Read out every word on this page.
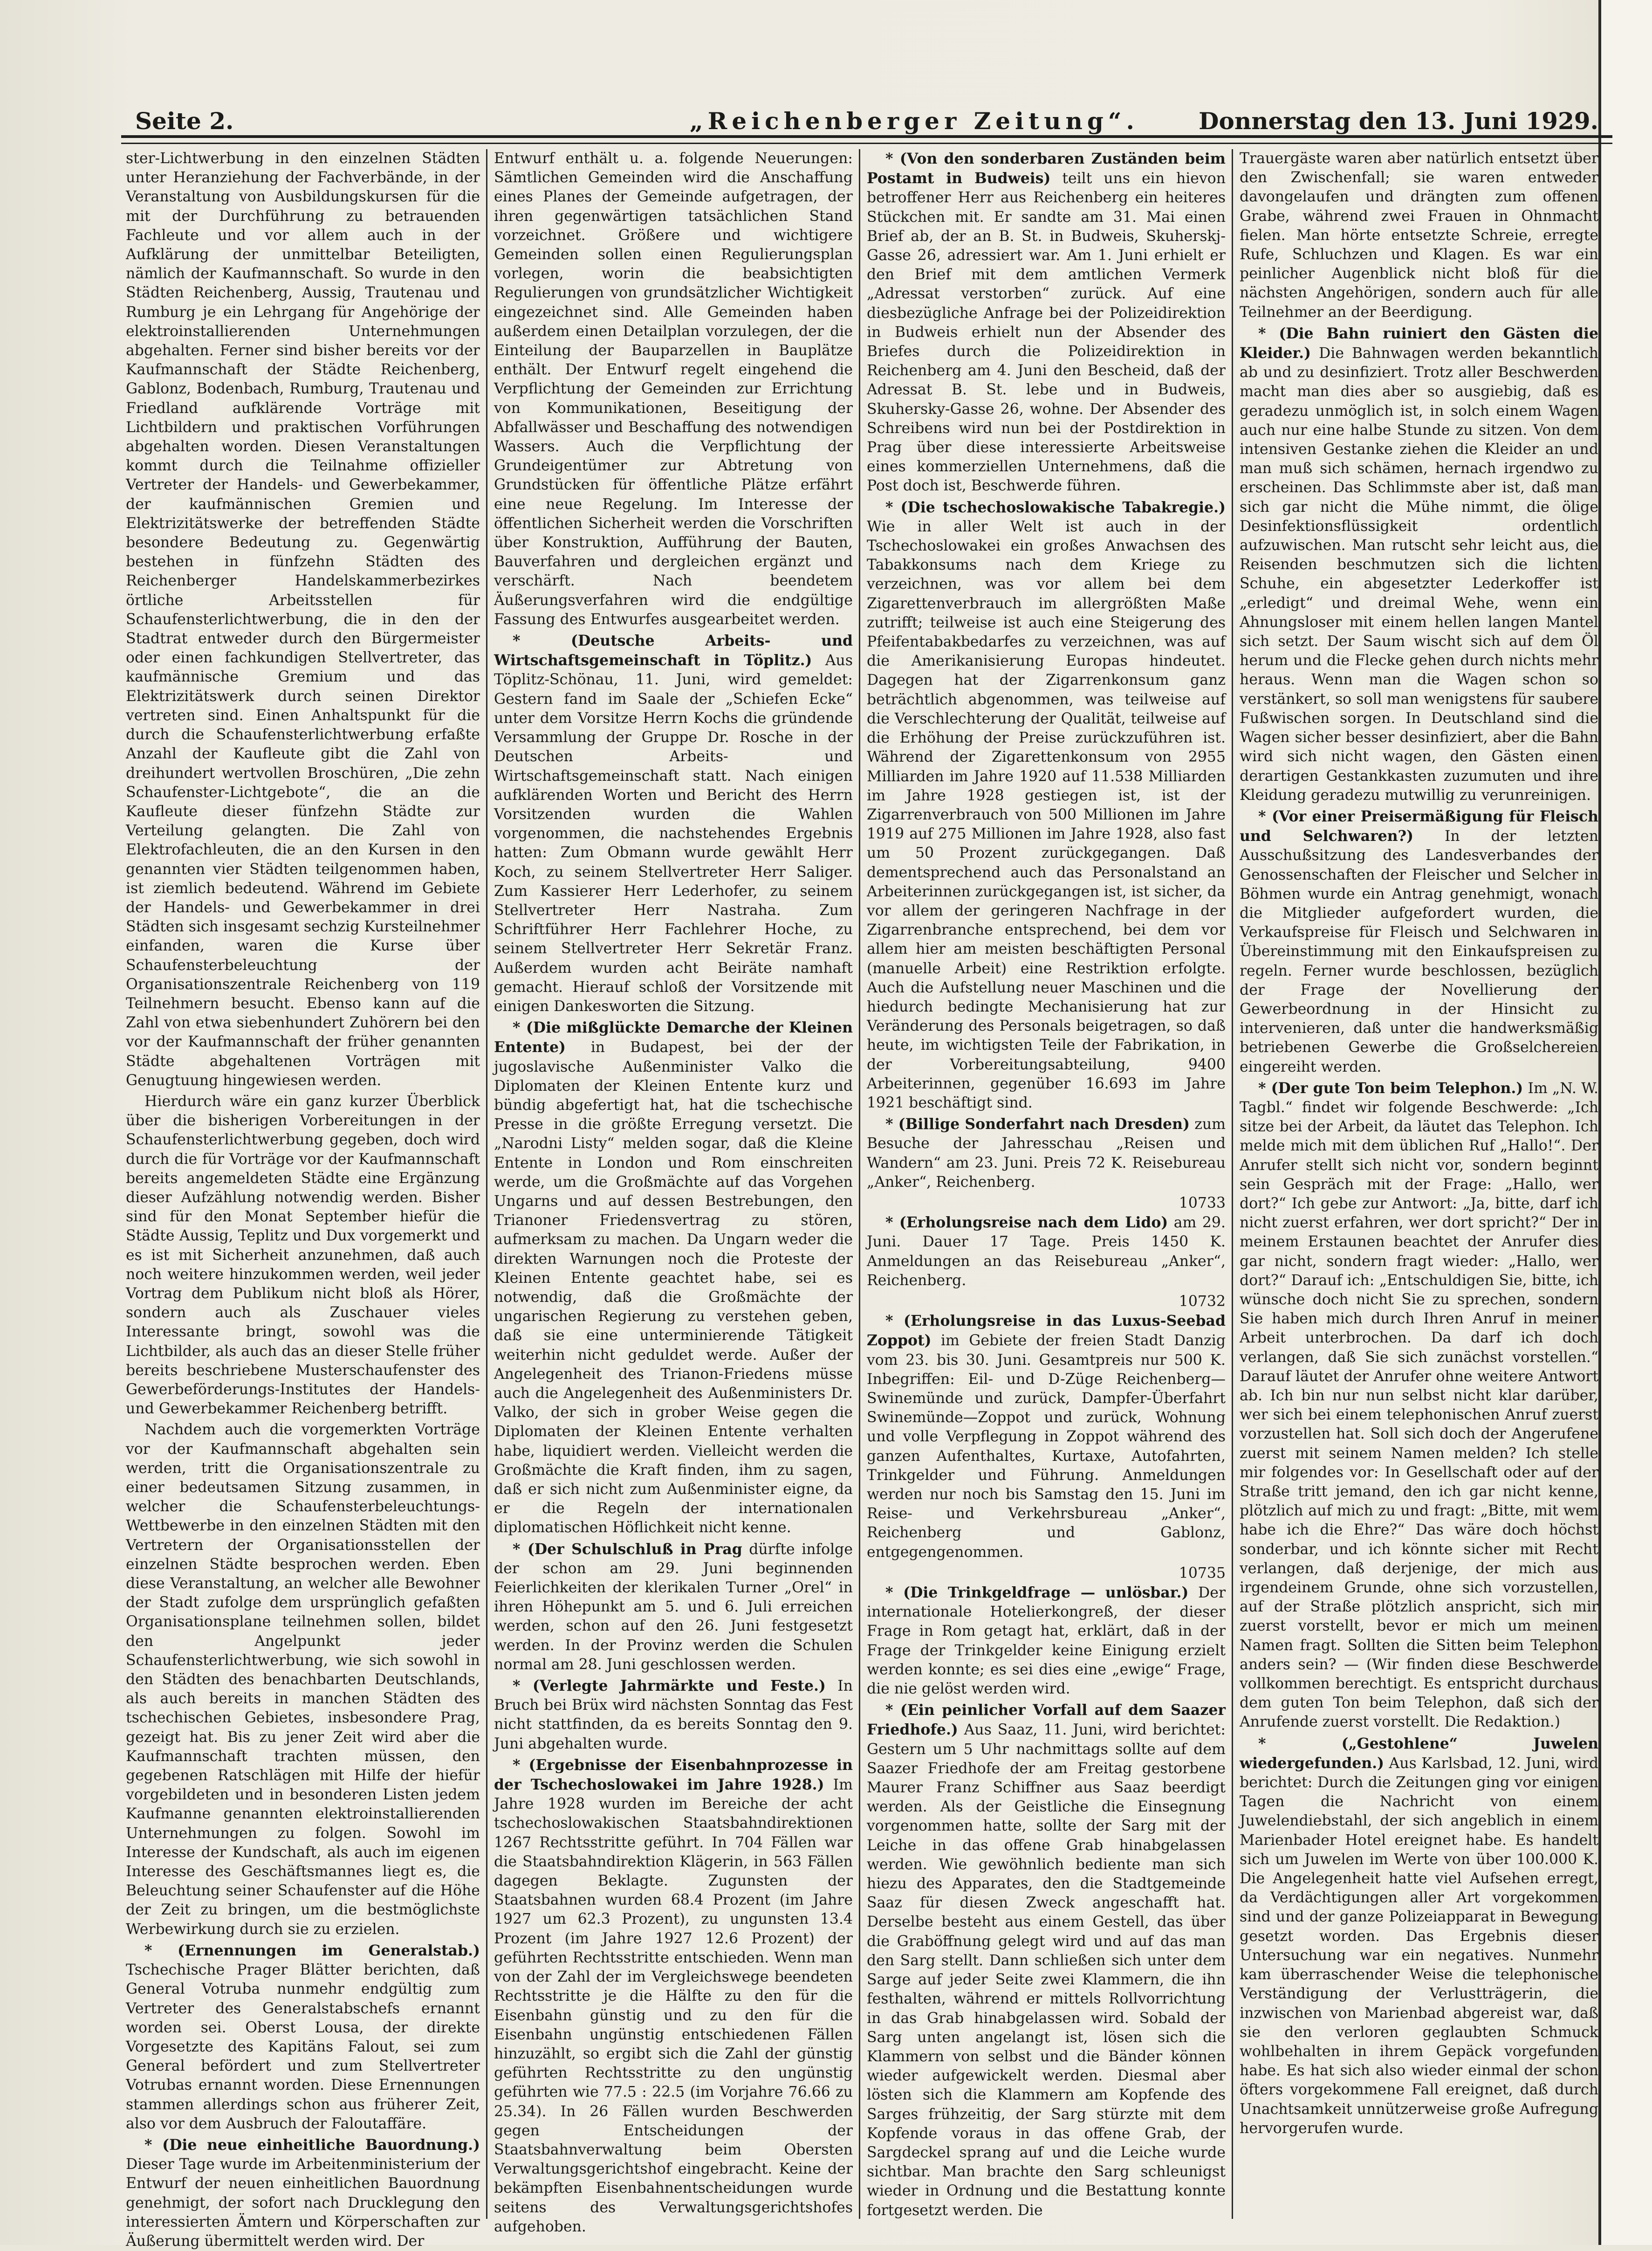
Seite 2.	„Reichenberger Zeitung“.	Donnerstag den 13. Juni 1929.

ster-Lichtwerbung in den einzelnen Städten unter Heranziehung der Fachverbände, in der Veranstaltung von Ausbildungskursen für die mit der Durchführung zu betrauenden Fachleute und vor allem auch in der Aufklärung der unmittelbar Beteiligten, nämlich der Kaufmannschaft. So wurde in den Städten Reichenberg, Aussig, Trautenau und Rumburg je ein Lehrgang für Angehörige der elektroinstallierenden Unternehmungen abgehalten. Ferner sind bisher bereits vor der Kaufmannschaft der Städte Reichenberg, Gablonz, Bodenbach, Rumburg, Trautenau und Friedland aufklärende Vorträge mit Lichtbildern und praktischen Vorführungen abgehalten worden. Diesen Veranstaltungen kommt durch die Teilnahme offizieller Vertreter der Handels- und Gewerbekammer, der kaufmännischen Gremien und Elektrizitätswerke der betreffenden Städte besondere Bedeutung zu. Gegenwärtig bestehen in fünfzehn Städten des Reichenberger Handelskammerbezirkes örtliche Arbeitsstellen für Schaufensterlichtwerbung, die in den der Stadtrat entweder durch den Bürgermeister oder einen fachkundigen Stellvertreter, das kaufmännische Gremium und das Elektrizitätswerk durch seinen Direktor vertreten sind. Einen Anhaltspunkt für die durch die Schaufensterlichtwerbung erfaßte Anzahl der Kaufleute gibt die Zahl von dreihundert wertvollen Broschüren, „Die zehn Schaufenster-Lichtgebote“, die an die Kaufleute dieser fünfzehn Städte zur Verteilung gelangten. Die Zahl von Elektrofachleuten, die an den Kursen in den genannten vier Städten teilgenommen haben, ist ziemlich bedeutend. Während im Gebiete der Handels- und Gewerbekammer in drei Städten sich insgesamt sechzig Kursteilnehmer einfanden, waren die Kurse über Schaufensterbeleuchtung der Organisationszentrale Reichenberg von 119 Teilnehmern besucht. Ebenso kann auf die Zahl von etwa siebenhundert Zuhörern bei den vor der Kaufmannschaft der früher genannten Städte abgehaltenen Vorträgen mit Genugtuung hingewiesen werden.

Hierdurch wäre ein ganz kurzer Überblick über die bisherigen Vorbereitungen in der Schaufensterlichtwerbung gegeben, doch wird durch die für Vorträge vor der Kaufmannschaft bereits angemeldeten Städte eine Ergänzung dieser Aufzählung notwendig werden. Bisher sind für den Monat September hiefür die Städte Aussig, Teplitz und Dux vorgemerkt und es ist mit Sicherheit anzunehmen, daß auch noch weitere hinzukommen werden, weil jeder Vortrag dem Publikum nicht bloß als Hörer, sondern auch als Zuschauer vieles Interessante bringt, sowohl was die Lichtbilder, als auch das an dieser Stelle früher bereits beschriebene Musterschaufenster des Gewerbeförderungs-Institutes der Handels- und Gewerbekammer Reichenberg betrifft.

Nachdem auch die vorgemerkten Vorträge vor der Kaufmannschaft abgehalten sein werden, tritt die Organisationszentrale zu einer bedeutsamen Sitzung zusammen, in welcher die Schaufensterbeleuchtungs-Wettbewerbe in den einzelnen Städten mit den Vertretern der Organisationsstellen der einzelnen Städte besprochen werden. Eben diese Veranstaltung, an welcher alle Bewohner der Stadt zufolge dem ursprünglich gefaßten Organisationsplane teilnehmen sollen, bildet den Angelpunkt jeder Schaufensterlichtwerbung, wie sich sowohl in den Städten des benachbarten Deutschlands, als auch bereits in manchen Städten des tschechischen Gebietes, insbesondere Prag, gezeigt hat. Bis zu jener Zeit wird aber die Kaufmannschaft trachten müssen, den gegebenen Ratschlägen mit Hilfe der hiefür vorgebildeten und in besonderen Listen jedem Kaufmanne genannten elektroinstallierenden Unternehmungen zu folgen. Sowohl im Interesse der Kundschaft, als auch im eigenen Interesse des Geschäftsmannes liegt es, die Beleuchtung seiner Schaufenster auf die Höhe der Zeit zu bringen, um die bestmöglichste Werbewirkung durch sie zu erzielen.

* (Ernennungen im Generalstab.) Tschechische Prager Blätter berichten, daß General Votruba nunmehr endgültig zum Vertreter des Generalstabschefs ernannt worden sei. Oberst Lousa, der direkte Vorgesetzte des Kapitäns Falout, sei zum General befördert und zum Stellvertreter Votrubas ernannt worden. Diese Ernennungen stammen allerdings schon aus früherer Zeit, also vor dem Ausbruch der Faloutaffäre.

* (Die neue einheitliche Bauordnung.) Dieser Tage wurde im Arbeitenministerium der Entwurf der neuen einheitlichen Bauordnung genehmigt, der sofort nach Drucklegung den interessierten Ämtern und Körperschaften zur Äußerung übermittelt werden wird. Der

Entwurf enthält u. a. folgende Neuerungen: Sämtlichen Gemeinden wird die Anschaffung eines Planes der Gemeinde aufgetragen, der ihren gegenwärtigen tatsächlichen Stand vorzeichnet. Größere und wichtigere Gemeinden sollen einen Regulierungsplan vorlegen, worin die beabsichtigten Regulierungen von grundsätzlicher Wichtigkeit eingezeichnet sind. Alle Gemeinden haben außerdem einen Detailplan vorzulegen, der die Einteilung der Bauparzellen in Bauplätze enthält. Der Entwurf regelt eingehend die Verpflichtung der Gemeinden zur Errichtung von Kommunikationen, Beseitigung der Abfallwässer und Beschaffung des notwendigen Wassers. Auch die Verpflichtung der Grundeigentümer zur Abtretung von Grundstücken für öffentliche Plätze erfährt eine neue Regelung. Im Interesse der öffentlichen Sicherheit werden die Vorschriften über Konstruktion, Aufführung der Bauten, Bauverfahren und dergleichen ergänzt und verschärft. Nach beendetem Äußerungsverfahren wird die endgültige Fassung des Entwurfes ausgearbeitet werden.

* (Deutsche Arbeits- und Wirtschaftsgemeinschaft in Töplitz.) Aus Töplitz-Schönau, 11. Juni, wird gemeldet: Gestern fand im Saale der „Schiefen Ecke“ unter dem Vorsitze Herrn Kochs die gründende Versammlung der Gruppe Dr. Rosche in der Deutschen Arbeits- und Wirtschaftsgemeinschaft statt. Nach einigen aufklärenden Worten und Bericht des Herrn Vorsitzenden wurden die Wahlen vorgenommen, die nachstehendes Ergebnis hatten: Zum Obmann wurde gewählt Herr Koch, zu seinem Stellvertreter Herr Saliger. Zum Kassierer Herr Lederhofer, zu seinem Stellvertreter Herr Nastraha. Zum Schriftführer Herr Fachlehrer Hoche, zu seinem Stellvertreter Herr Sekretär Franz. Außerdem wurden acht Beiräte namhaft gemacht. Hierauf schloß der Vorsitzende mit einigen Dankesworten die Sitzung.

* (Die mißglückte Demarche der Kleinen Entente) in Budapest, bei der der jugoslavische Außenminister Valko die Diplomaten der Kleinen Entente kurz und bündig abgefertigt hat, hat die tschechische Presse in die größte Erregung versetzt. Die „Narodni Listy“ melden sogar, daß die Kleine Entente in London und Rom einschreiten werde, um die Großmächte auf das Vorgehen Ungarns und auf dessen Bestrebungen, den Trianoner Friedensvertrag zu stören, aufmerksam zu machen. Da Ungarn weder die direkten Warnungen noch die Proteste der Kleinen Entente geachtet habe, sei es notwendig, daß die Großmächte der ungarischen Regierung zu verstehen geben, daß sie eine unterminierende Tätigkeit weiterhin nicht geduldet werde. Außer der Angelegenheit des Trianon-Friedens müsse auch die Angelegenheit des Außenministers Dr. Valko, der sich in grober Weise gegen die Diplomaten der Kleinen Entente verhalten habe, liquidiert werden. Vielleicht werden die Großmächte die Kraft finden, ihm zu sagen, daß er sich nicht zum Außenminister eigne, da er die Regeln der internationalen diplomatischen Höflichkeit nicht kenne.

* (Der Schulschluß in Prag dürfte infolge der schon am 29. Juni beginnenden Feierlichkeiten der klerikalen Turner „Orel“ in ihren Höhepunkt am 5. und 6. Juli erreichen werden, schon auf den 26. Juni festgesetzt werden. In der Provinz werden die Schulen normal am 28. Juni geschlossen werden.

* (Verlegte Jahrmärkte und Feste.) In Bruch bei Brüx wird nächsten Sonntag das Fest nicht stattfinden, da es bereits Sonntag den 9. Juni abgehalten wurde.

* (Ergebnisse der Eisenbahnprozesse in der Tschechoslowakei im Jahre 1928.) Im Jahre 1928 wurden im Bereiche der acht tschechoslowakischen Staatsbahndirektionen 1267 Rechtsstritte geführt. In 704 Fällen war die Staatsbahndirektion Klägerin, in 563 Fällen dagegen Beklagte. Zugunsten der Staatsbahnen wurden 68.4 Prozent (im Jahre 1927 um 62.3 Prozent), zu ungunsten 13.4 Prozent (im Jahre 1927 12.6 Prozent) der geführten Rechtsstritte entschieden. Wenn man von der Zahl der im Vergleichswege beendeten Rechtsstritte je die Hälfte zu den für die Eisenbahn günstig und zu den für die Eisenbahn ungünstig entschiedenen Fällen hinzuzählt, so ergibt sich die Zahl der günstig geführten Rechtsstritte zu den ungünstig geführten wie 77.5 : 22.5 (im Vorjahre 76.66 zu 25.34). In 26 Fällen wurden Beschwerden gegen Entscheidungen der Staatsbahnverwaltung beim Obersten Verwaltungsgerichtshof eingebracht. Keine der bekämpften Eisenbahnentscheidungen wurde seitens des Verwaltungsgerichtshofes aufgehoben.

* (Von den sonderbaren Zuständen beim Postamt in Budweis) teilt uns ein hievon betroffener Herr aus Reichenberg ein heiteres Stückchen mit. Er sandte am 31. Mai einen Brief ab, der an B. St. in Budweis, Skuherskj-Gasse 26, adressiert war. Am 1. Juni erhielt er den Brief mit dem amtlichen Vermerk „Adressat verstorben“ zurück. Auf eine diesbezügliche Anfrage bei der Polizeidirektion in Budweis erhielt nun der Absender des Briefes durch die Polizeidirektion in Reichenberg am 4. Juni den Bescheid, daß der Adressat B. St. lebe und in Budweis, Skuhersky-Gasse 26, wohne. Der Absender des Schreibens wird nun bei der Postdirektion in Prag über diese interessierte Arbeitsweise eines kommerziellen Unternehmens, daß die Post doch ist, Beschwerde führen.

* (Die tschechoslowakische Tabakregie.) Wie in aller Welt ist auch in der Tschechoslowakei ein großes Anwachsen des Tabakkonsums nach dem Kriege zu verzeichnen, was vor allem bei dem Zigarettenverbrauch im allergrößten Maße zutrifft; teilweise ist auch eine Steigerung des Pfeifentabakbedarfes zu verzeichnen, was auf die Amerikanisierung Europas hindeutet. Dagegen hat der Zigarrenkonsum ganz beträchtlich abgenommen, was teilweise auf die Verschlechterung der Qualität, teilweise auf die Erhöhung der Preise zurückzuführen ist. Während der Zigarettenkonsum von 2955 Milliarden im Jahre 1920 auf 11.538 Milliarden im Jahre 1928 gestiegen ist, ist der Zigarrenverbrauch von 500 Millionen im Jahre 1919 auf 275 Millionen im Jahre 1928, also fast um 50 Prozent zurückgegangen. Daß dementsprechend auch das Personalstand an Arbeiterinnen zurückgegangen ist, ist sicher, da vor allem der geringeren Nachfrage in der Zigarrenbranche entsprechend, bei dem vor allem hier am meisten beschäftigten Personal (manuelle Arbeit) eine Restriktion erfolgte. Auch die Aufstellung neuer Maschinen und die hiedurch bedingte Mechanisierung hat zur Veränderung des Personals beigetragen, so daß heute, im wichtigsten Teile der Fabrikation, in der Vorbereitungsabteilung, 9400 Arbeiterinnen, gegenüber 16.693 im Jahre 1921 beschäftigt sind.

* (Billige Sonderfahrt nach Dresden) zum Besuche der Jahresschau „Reisen und Wandern“ am 23. Juni. Preis 72 K. Reisebureau „Anker“, Reichenberg.

10733

* (Erholungsreise nach dem Lido) am 29. Juni. Dauer 17 Tage. Preis 1450 K. Anmeldungen an das Reisebureau „Anker“, Reichenberg.

10732

* (Erholungsreise in das Luxus-Seebad Zoppot) im Gebiete der freien Stadt Danzig vom 23. bis 30. Juni. Gesamtpreis nur 500 K. Inbegriffen: Eil- und D-Züge Reichenberg—Swinemünde und zurück, Dampfer-Überfahrt Swinemünde—Zoppot und zurück, Wohnung und volle Verpflegung in Zoppot während des ganzen Aufenthaltes, Kurtaxe, Autofahrten, Trinkgelder und Führung. Anmeldungen werden nur noch bis Samstag den 15. Juni im Reise- und Verkehrsbureau „Anker“, Reichenberg und Gablonz, entgegengenommen.

10735

* (Die Trinkgeldfrage — unlösbar.) Der internationale Hotelierkongreß, der dieser Frage in Rom getagt hat, erklärt, daß in der Frage der Trinkgelder keine Einigung erzielt werden konnte; es sei dies eine „ewige“ Frage, die nie gelöst werden wird.

* (Ein peinlicher Vorfall auf dem Saazer Friedhofe.) Aus Saaz, 11. Juni, wird berichtet: Gestern um 5 Uhr nachmittags sollte auf dem Saazer Friedhofe der am Freitag gestorbene Maurer Franz Schiffner aus Saaz beerdigt werden. Als der Geistliche die Einsegnung vorgenommen hatte, sollte der Sarg mit der Leiche in das offene Grab hinabgelassen werden. Wie gewöhnlich bediente man sich hiezu des Apparates, den die Stadtgemeinde Saaz für diesen Zweck angeschafft hat. Derselbe besteht aus einem Gestell, das über die Graböffnung gelegt wird und auf das man den Sarg stellt. Dann schließen sich unter dem Sarge auf jeder Seite zwei Klammern, die ihn festhalten, während er mittels Rollvorrichtung in das Grab hinabgelassen wird. Sobald der Sarg unten angelangt ist, lösen sich die Klammern von selbst und die Bänder können wieder aufgewickelt werden. Diesmal aber lösten sich die Klammern am Kopfende des Sarges frühzeitig, der Sarg stürzte mit dem Kopfende voraus in das offene Grab, der Sargdeckel sprang auf und die Leiche wurde sichtbar. Man brachte den Sarg schleunigst wieder in Ordnung und die Bestattung konnte fortgesetzt werden. Die

Trauergäste waren aber natürlich entsetzt über den Zwischenfall; sie waren entweder davongelaufen und drängten zum offenen Grabe, während zwei Frauen in Ohnmacht fielen. Man hörte entsetzte Schreie, erregte Rufe, Schluchzen und Klagen. Es war ein peinlicher Augenblick nicht bloß für die nächsten Angehörigen, sondern auch für alle Teilnehmer an der Beerdigung.

* (Die Bahn ruiniert den Gästen die Kleider.) Die Bahnwagen werden bekanntlich ab und zu desinfiziert. Trotz aller Beschwerden macht man dies aber so ausgiebig, daß es geradezu unmöglich ist, in solch einem Wagen auch nur eine halbe Stunde zu sitzen. Von dem intensiven Gestanke ziehen die Kleider an und man muß sich schämen, hernach irgendwo zu erscheinen. Das Schlimmste aber ist, daß man sich gar nicht die Mühe nimmt, die ölige Desinfektionsflüssigkeit ordentlich aufzuwischen. Man rutscht sehr leicht aus, die Reisenden beschmutzen sich die lichten Schuhe, ein abgesetzter Lederkoffer ist „erledigt“ und dreimal Wehe, wenn ein Ahnungsloser mit einem hellen langen Mantel sich setzt. Der Saum wischt sich auf dem Öl herum und die Flecke gehen durch nichts mehr heraus. Wenn man die Wagen schon so verstänkert, so soll man wenigstens für saubere Fußwischen sorgen. In Deutschland sind die Wagen sicher besser desinfiziert, aber die Bahn wird sich nicht wagen, den Gästen einen derartigen Gestankkasten zuzumuten und ihre Kleidung geradezu mutwillig zu verunreinigen.

* (Vor einer Preisermäßigung für Fleisch und Selchwaren?) In der letzten Ausschußsitzung des Landesverbandes der Genossenschaften der Fleischer und Selcher in Böhmen wurde ein Antrag genehmigt, wonach die Mitglieder aufgefordert wurden, die Verkaufspreise für Fleisch und Selchwaren in Übereinstimmung mit den Einkaufspreisen zu regeln. Ferner wurde beschlossen, bezüglich der Frage der Novellierung der Gewerbeordnung in der Hinsicht zu intervenieren, daß unter die handwerksmäßig betriebenen Gewerbe die Großselchereien eingereiht werden.

* (Der gute Ton beim Telephon.) Im „N. W. Tagbl.“ findet wir folgende Beschwerde: „Ich sitze bei der Arbeit, da läutet das Telephon. Ich melde mich mit dem üblichen Ruf „Hallo!“. Der Anrufer stellt sich nicht vor, sondern beginnt sein Gespräch mit der Frage: „Hallo, wer dort?“ Ich gebe zur Antwort: „Ja, bitte, darf ich nicht zuerst erfahren, wer dort spricht?“ Der in meinem Erstaunen beachtet der Anrufer dies gar nicht, sondern fragt wieder: „Hallo, wer dort?“ Darauf ich: „Entschuldigen Sie, bitte, ich wünsche doch nicht Sie zu sprechen, sondern Sie haben mich durch Ihren Anruf in meiner Arbeit unterbrochen. Da darf ich doch verlangen, daß Sie sich zunächst vorstellen.“ Darauf läutet der Anrufer ohne weitere Antwort ab. Ich bin nur nun selbst nicht klar darüber, wer sich bei einem telephonischen Anruf zuerst vorzustellen hat. Soll sich doch der Angerufene zuerst mit seinem Namen melden? Ich stelle mir folgendes vor: In Gesellschaft oder auf der Straße tritt jemand, den ich gar nicht kenne, plötzlich auf mich zu und fragt: „Bitte, mit wem habe ich die Ehre?“ Das wäre doch höchst sonderbar, und ich könnte sicher mit Recht verlangen, daß derjenige, der mich aus irgendeinem Grunde, ohne sich vorzustellen, auf der Straße plötzlich anspricht, sich mir zuerst vorstellt, bevor er mich um meinen Namen fragt. Sollten die Sitten beim Telephon anders sein? — (Wir finden diese Beschwerde vollkommen berechtigt. Es entspricht durchaus dem guten Ton beim Telephon, daß sich der Anrufende zuerst vorstellt. Die Redaktion.)

* („Gestohlene“ Juwelen wiedergefunden.) Aus Karlsbad, 12. Juni, wird berichtet: Durch die Zeitungen ging vor einigen Tagen die Nachricht von einem Juwelendiebstahl, der sich angeblich in einem Marienbader Hotel ereignet habe. Es handelt sich um Juwelen im Werte von über 100.000 K. Die Angelegenheit hatte viel Aufsehen erregt, da Verdächtigungen aller Art vorgekommen sind und der ganze Polizeiapparat in Bewegung gesetzt worden. Das Ergebnis dieser Untersuchung war ein negatives. Nunmehr kam überraschender Weise die telephonische Verständigung der Verlustträgerin, die inzwischen von Marienbad abgereist war, daß sie den verloren geglaubten Schmuck wohlbehalten in ihrem Gepäck vorgefunden habe. Es hat sich also wieder einmal der schon öfters vorgekommene Fall ereignet, daß durch Unachtsamkeit unnützerweise große Aufregung hervorgerufen wurde.
